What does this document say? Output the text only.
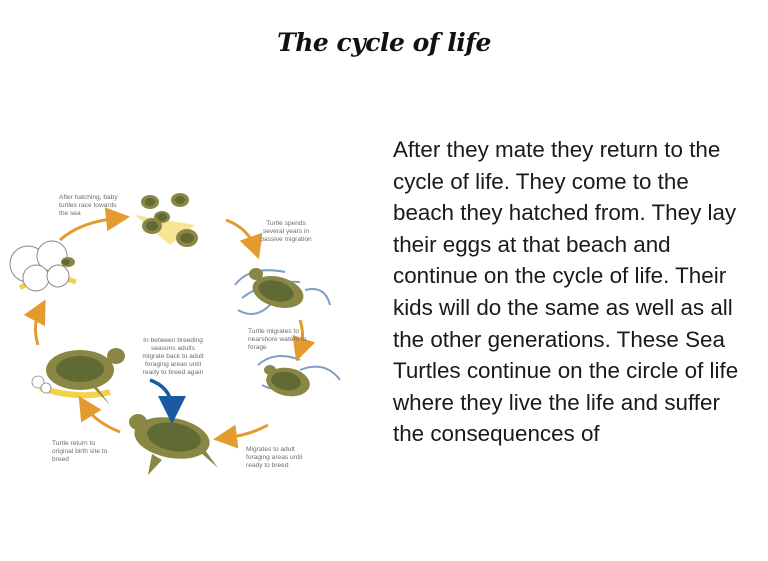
The cycle of life
After they mate they return to the cycle of life. They come to the beach they hatched from. They lay their eggs at that beach and continue on the cycle of life. Their kids will do the same as well as all the other generations. These Sea Turtles continue on the circle of life where they live the life and suffer the consequences of
After hatching, baby turtles race towards the sea
Turtle spends several years in passive migration
Turtle migrates to nearshore waters to forage
Migrates to adult foraging areas until ready to breed
Turtle return to original birth site to breed
In between breeding seasons adults migrate back to adult foraging areas until ready to breed again
